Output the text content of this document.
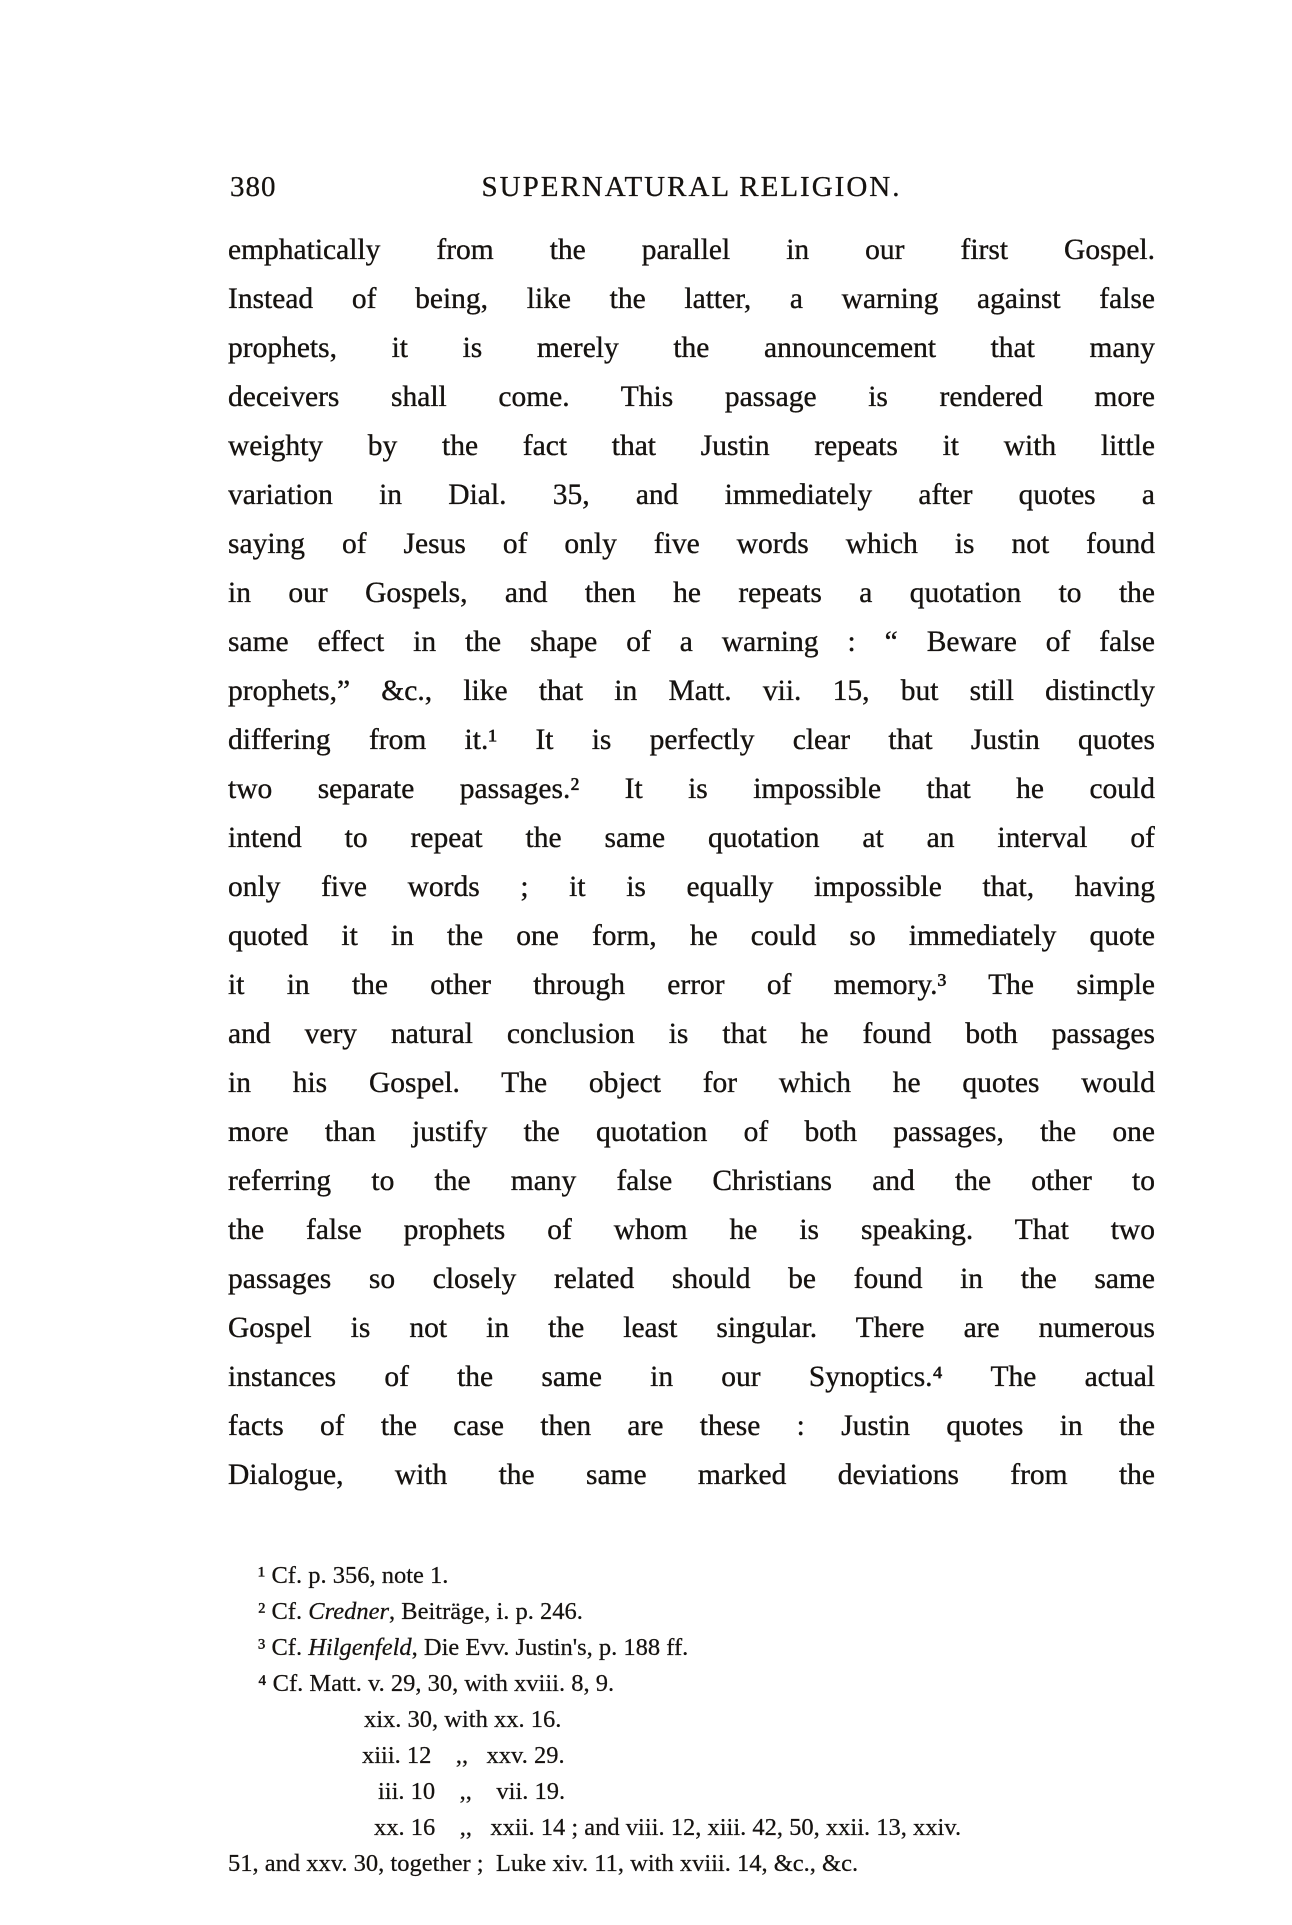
380	SUPERNATURAL RELIGION.
emphatically from the parallel in our first Gospel.
Instead of being, like the latter, a warning against false
prophets, it is merely the announcement that many
deceivers shall come. This passage is rendered more
weighty by the fact that Justin repeats it with little
variation in Dial. 35, and immediately after quotes a
saying of Jesus of only five words which is not found
in our Gospels, and then he repeats a quotation to the
same effect in the shape of a warning : “ Beware of false
prophets,” &c., like that in Matt. vii. 15, but still distinctly
differing from it.¹ It is perfectly clear that Justin quotes
two separate passages.² It is impossible that he could
intend to repeat the same quotation at an interval of
only five words ; it is equally impossible that, having
quoted it in the one form, he could so immediately quote
it in the other through error of memory.³ The simple
and very natural conclusion is that he found both passages
in his Gospel. The object for which he quotes would
more than justify the quotation of both passages, the one
referring to the many false Christians and the other to
the false prophets of whom he is speaking. That two
passages so closely related should be found in the same
Gospel is not in the least singular. There are numerous
instances of the same in our Synoptics.⁴ The actual
facts of the case then are these : Justin quotes in the
Dialogue, with the same marked deviations from the
¹ Cf. p. 356, note 1.
² Cf. Credner, Beiträge, i. p. 246.
³ Cf. Hilgenfeld, Die Evv. Justin's, p. 188 ff.
⁴ Cf. Matt. v. 29, 30, with xviii. 8, 9.
xix. 30, with xx. 16.
xiii. 12    ,,   xxv. 29.
iii. 10    ,,    vii. 19.
xx. 16    ,,   xxii. 14 ; and viii. 12, xiii. 42, 50, xxii. 13, xxiv.
51, and xxv. 30, together ;  Luke xiv. 11, with xviii. 14, &c., &c.
